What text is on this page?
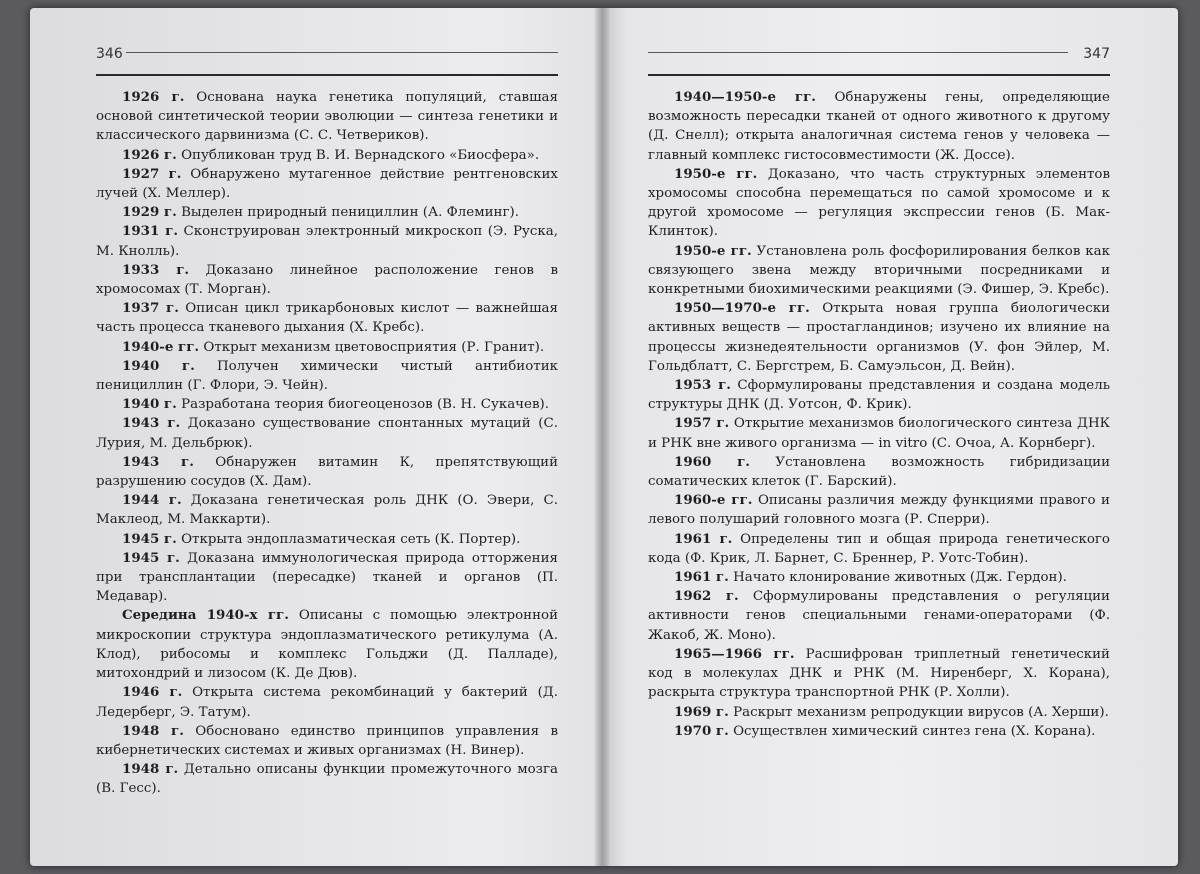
346

1926 г. Основана наука генетика популяций, ставшая основой синтетической теории эволюции — синтеза генетики и классического дарвинизма (С. С. Четвериков).

1926 г. Опубликован труд В. И. Вернадского «Биосфера».

1927 г. Обнаружено мутагенное действие рентгеновских лучей (Х. Меллер).

1929 г. Выделен природный пенициллин (А. Флеминг).

1931 г. Сконструирован электронный микроскоп (Э. Руска, М. Кнолль).

1933 г. Доказано линейное расположение генов в хромосомах (Т. Морган).

1937 г. Описан цикл трикарбоновых кислот — важнейшая часть процесса тканевого дыхания (Х. Кребс).

1940-е гг. Открыт механизм цветовосприятия (Р. Гранит).

1940 г. Получен химически чистый антибиотик пенициллин (Г. Флори, Э. Чейн).

1940 г. Разработана теория биогеоценозов (В. Н. Сукачев).

1943 г. Доказано существование спонтанных мутаций (С. Лурия, М. Дельбрюк).

1943 г. Обнаружен витамин К, препятствующий разрушению сосудов (Х. Дам).

1944 г. Доказана генетическая роль ДНК (О. Эвери, С. Маклеод, М. Маккарти).

1945 г. Открыта эндоплазматическая сеть (К. Портер).

1945 г. Доказана иммунологическая природа отторжения при трансплантации (пересадке) тканей и органов (П. Медавар).

Середина 1940-х гг. Описаны с помощью электронной микроскопии структура эндоплазматического ретикулума (А. Клод), рибосомы и комплекс Гольджи (Д. Палладе), митохондрий и лизосом (К. Де Дюв).

1946 г. Открыта система рекомбинаций у бактерий (Д. Ледерберг, Э. Татум).

1948 г. Обосновано единство принципов управления в кибернетических системах и живых организмах (Н. Винер).

1948 г. Детально описаны функции промежуточного мозга (В. Гесс).

347

1940—1950-е гг. Обнаружены гены, определяющие возможность пересадки тканей от одного животного к другому (Д. Снелл); открыта аналогичная система генов у человека — главный комплекс гистосовместимости (Ж. Доссе).

1950-е гг. Доказано, что часть структурных элементов хромосомы способна перемещаться по самой хромосоме и к другой хромосоме — регуляция экспрессии генов (Б. Мак-Клинток).

1950-е гг. Установлена роль фосфорилирования белков как связующего звена между вторичными посредниками и конкретными биохимическими реакциями (Э. Фишер, Э. Кребс).

1950—1970-е гг. Открыта новая группа биологически активных веществ — простагландинов; изучено их влияние на процессы жизнедеятельности организмов (У. фон Эйлер, М. Гольдблатт, С. Бергстрем, Б. Самуэльсон, Д. Вейн).

1953 г. Сформулированы представления и создана модель структуры ДНК (Д. Уотсон, Ф. Крик).

1957 г. Открытие механизмов биологического синтеза ДНК и РНК вне живого организма — in vitro (С. Очоа, А. Корнберг).

1960 г. Установлена возможность гибридизации соматических клеток (Г. Барский).

1960-е гг. Описаны различия между функциями правого и левого полушарий головного мозга (Р. Сперри).

1961 г. Определены тип и общая природа генетического кода (Ф. Крик, Л. Барнет, С. Бреннер, Р. Уотс-Тобин).

1961 г. Начато клонирование животных (Дж. Гердон).

1962 г. Сформулированы представления о регуляции активности генов специальными генами-операторами (Ф. Жакоб, Ж. Моно).

1965—1966 гг. Расшифрован триплетный генетический код в молекулах ДНК и РНК (М. Ниренберг, Х. Корана), раскрыта структура транспортной РНК (Р. Холли).

1969 г. Раскрыт механизм репродукции вирусов (А. Херши).

1970 г. Осуществлен химический синтез гена (Х. Корана).
